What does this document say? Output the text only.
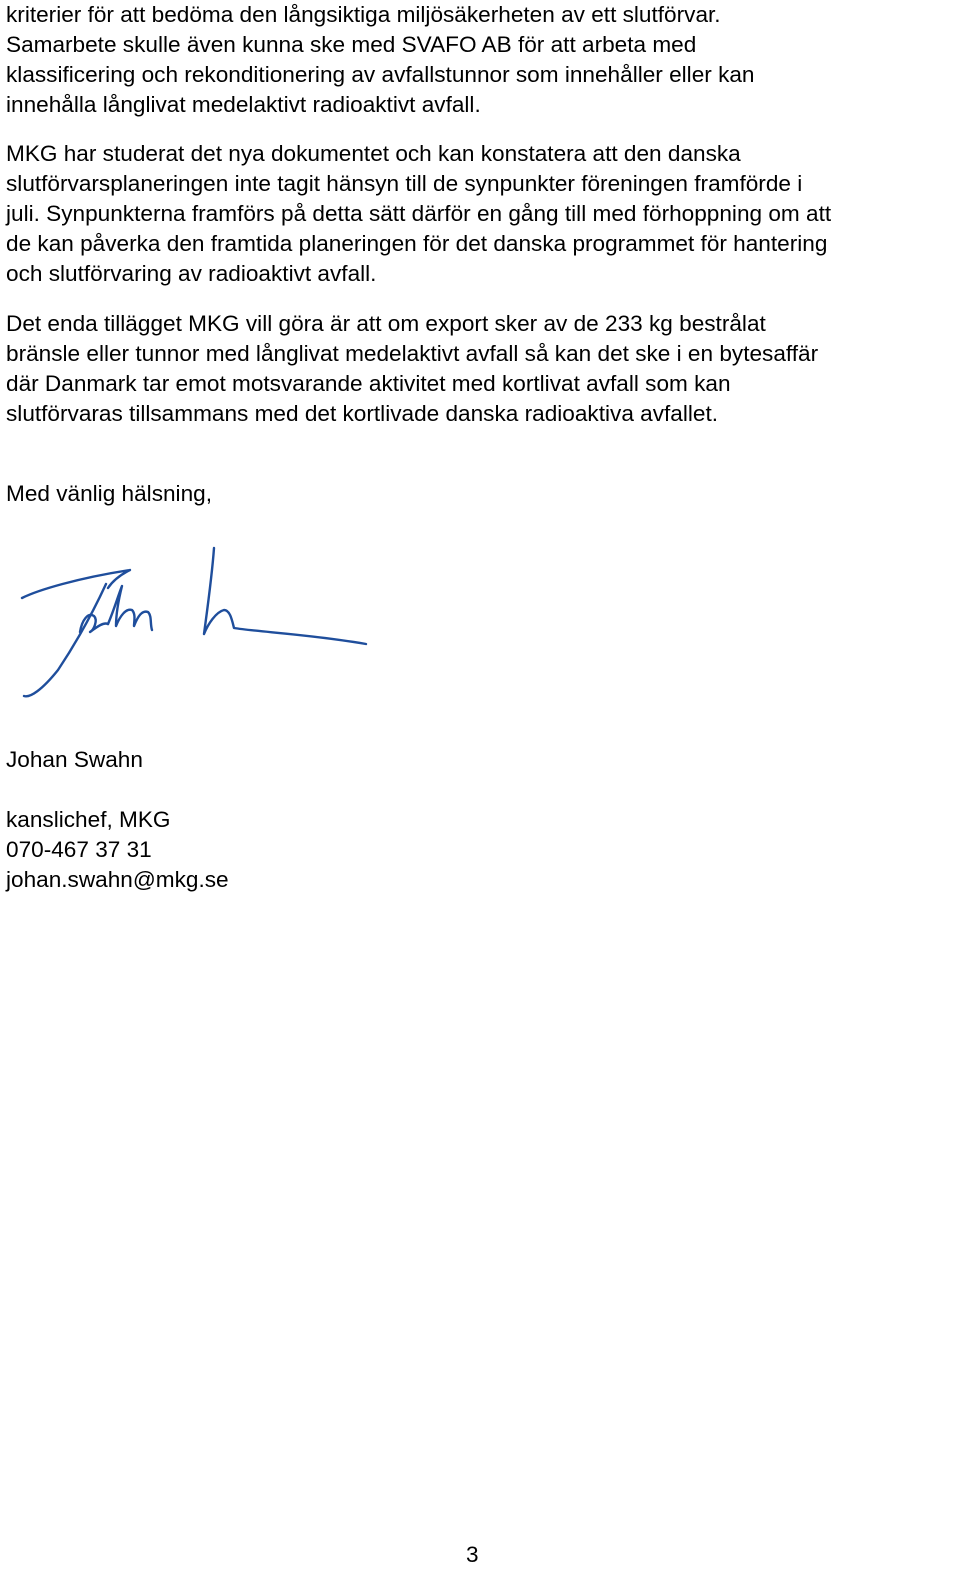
kriterier för att bedöma den långsiktiga miljösäkerheten av ett slutförvar.
Samarbete skulle även kunna ske med SVAFO AB för att arbeta med
klassificering och rekonditionering av avfallstunnor som innehåller eller kan
innehålla långlivat medelaktivt radioaktivt avfall.

MKG har studerat det nya dokumentet och kan konstatera att den danska
slutförvarsplaneringen inte tagit hänsyn till de synpunkter föreningen framförde i
juli. Synpunkterna framförs på detta sätt därför en gång till med förhoppning om att
de kan påverka den framtida planeringen för det danska programmet för hantering
och slutförvaring av radioaktivt avfall.

Det enda tillägget MKG vill göra är att om export sker av de 233 kg bestrålat
bränsle eller tunnor med långlivat medelaktivt avfall så kan det ske i en bytesaffär
där Danmark tar emot motsvarande aktivitet med kortlivat avfall som kan
slutförvaras tillsammans med det kortlivade danska radioaktiva avfallet.

Med vänlig hälsning,

Johan Swahn

kanslichef, MKG
070-467 37 31
johan.swahn@mkg.se

3
